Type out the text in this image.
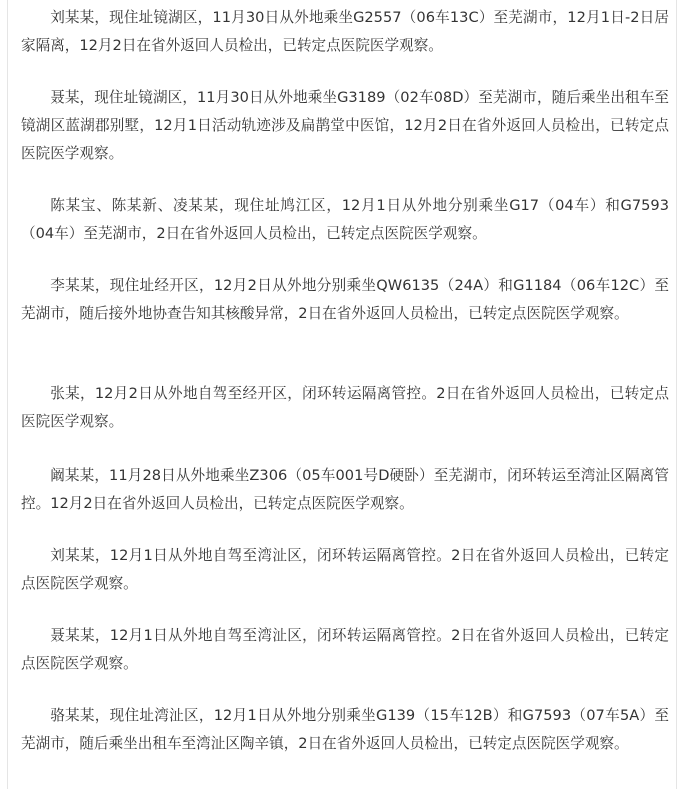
刘某某，现住址镜湖区，11月30日从外地乘坐G2557（06车13C）至芜湖市，12月1日-2日居家隔离，12月2日在省外返回人员检出，已转定点医院医学观察。

聂某，现住址镜湖区，11月30日从外地乘坐G3189（02车08D）至芜湖市，随后乘坐出租车至镜湖区蓝湖郡别墅，12月1日活动轨迹涉及扁鹊堂中医馆，12月2日在省外返回人员检出，已转定点医院医学观察。

陈某宝、陈某新、凌某某，现住址鸠江区，12月1日从外地分别乘坐G17（04车）和G7593（04车）至芜湖市，2日在省外返回人员检出，已转定点医院医学观察。

李某某，现住址经开区，12月2日从外地分别乘坐QW6135（24A）和G1184（06车12C）至芜湖市，随后接外地协查告知其核酸异常，2日在省外返回人员检出，已转定点医院医学观察。

张某，12月2日从外地自驾至经开区，闭环转运隔离管控。2日在省外返回人员检出，已转定点医院医学观察。

阚某某，11月28日从外地乘坐Z306（05车001号D硬卧）至芜湖市，闭环转运至湾沚区隔离管控。12月2日在省外返回人员检出，已转定点医院医学观察。

刘某某，12月1日从外地自驾至湾沚区，闭环转运隔离管控。2日在省外返回人员检出，已转定点医院医学观察。

聂某某，12月1日从外地自驾至湾沚区，闭环转运隔离管控。2日在省外返回人员检出，已转定点医院医学观察。

骆某某，现住址湾沚区，12月1日从外地分别乘坐G139（15车12B）和G7593（07车5A）至芜湖市，随后乘坐出租车至湾沚区陶辛镇，2日在省外返回人员检出，已转定点医院医学观察。
